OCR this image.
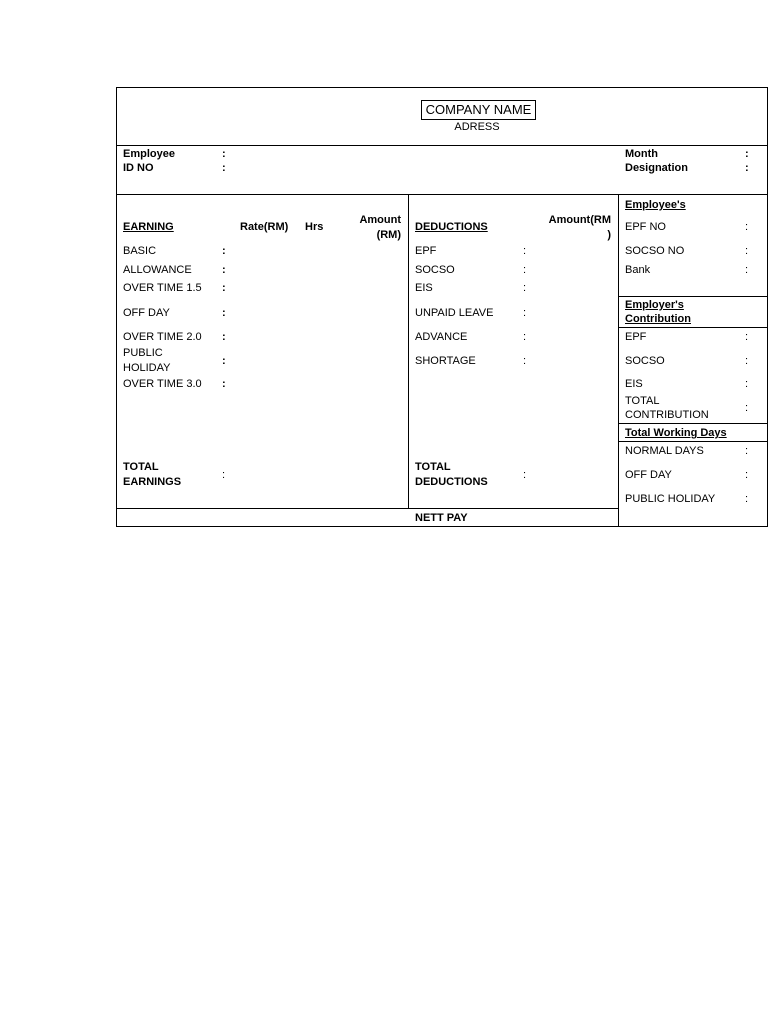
COMPANY NAME
ADRESS
Employee	:
ID NO	:
Month	:
Designation	:
EARNING	Rate(RM) Hrs
Amount
(RM)
BASIC	:
ALLOWANCE	:
OVER TIME 1.5 :
OFF DAY	:
OVER TIME 2.0 :
PUBLIC
HOLIDAY
:
OVER TIME 3.0 :
TOTAL
EARNINGS
:
DEDUCTIONS
Amount(RM
)
EPF	:
SOCSO	:
EIS	:
UNPAID LEAVE	:
ADVANCE	:
SHORTAGE	:
TOTAL
DEDUCTIONS
:
NETT PAY
Employee's
EPF NO	:
SOCSO NO	:
Bank	:
Employer's
Contribution
EPF	:
SOCSO	:
EIS	:
TOTAL
CONTRIBUTION
:
Total Working Days
NORMAL DAYS	:
OFF DAY	:
PUBLIC HOLIDAY	:
